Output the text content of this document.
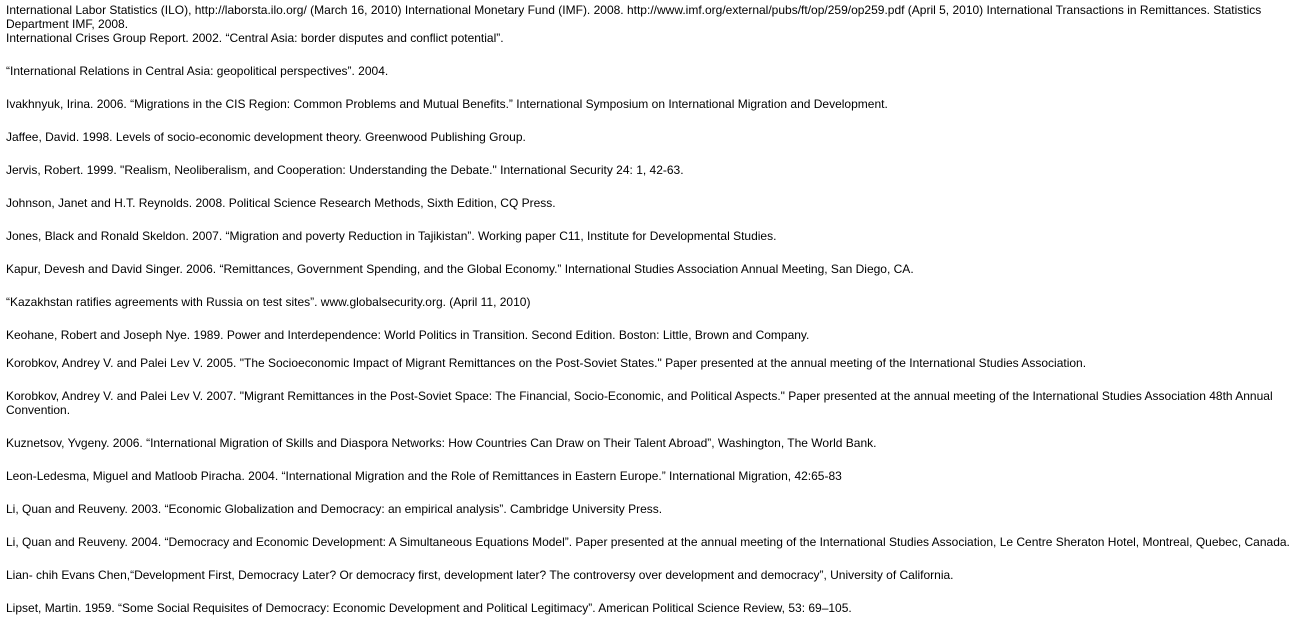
International Labor Statistics (ILO), http://laborsta.ilo.org/ (March 16, 2010) International Monetary Fund (IMF). 2008. http://www.imf.org/external/pubs/ft/op/259/op259.pdf (April 5, 2010) International Transactions in Remittances. Statistics Department IMF, 2008.

International Crises Group Report. 2002. “Central Asia: border disputes and conflict potential”.

“International Relations in Central Asia: geopolitical perspectives”. 2004.

Ivakhnyuk, Irina. 2006. “Migrations in the CIS Region: Common Problems and Mutual Benefits.” International Symposium on International Migration and Development.

Jaffee, David. 1998. Levels of socio-economic development theory. Greenwood Publishing Group.

Jervis, Robert. 1999. "Realism, Neoliberalism, and Cooperation: Understanding the Debate." International Security 24: 1, 42-63.

Johnson, Janet and H.T. Reynolds. 2008. Political Science Research Methods, Sixth Edition, CQ Press.

Jones, Black and Ronald Skeldon. 2007. “Migration and poverty Reduction in Tajikistan”. Working paper C11, Institute for Developmental Studies.

Kapur, Devesh and David Singer. 2006. “Remittances, Government Spending, and the Global Economy.” International Studies Association Annual Meeting, San Diego, CA.

“Kazakhstan ratifies agreements with Russia on test sites”. www.globalsecurity.org. (April 11, 2010)

Keohane, Robert and Joseph Nye. 1989. Power and Interdependence: World Politics in Transition. Second Edition. Boston: Little, Brown and Company.

Korobkov, Andrey V. and Palei Lev V. 2005. "The Socioeconomic Impact of Migrant Remittances on the Post-Soviet States." Paper presented at the annual meeting of the International Studies Association.

Korobkov, Andrey V. and Palei Lev V. 2007. "Migrant Remittances in the Post-Soviet Space: The Financial, Socio-Economic, and Political Aspects." Paper presented at the annual meeting of the International Studies Association 48th Annual Convention.

Kuznetsov, Yvgeny. 2006. “International Migration of Skills and Diaspora Networks: How Countries Can Draw on Their Talent Abroad”, Washington, The World Bank.

Leon-Ledesma, Miguel and Matloob Piracha. 2004. “International Migration and the Role of Remittances in Eastern Europe.” International Migration, 42:65-83

Li, Quan and Reuveny. 2003. “Economic Globalization and Democracy: an empirical analysis”. Cambridge University Press.

Li, Quan and Reuveny. 2004. “Democracy and Economic Development: A Simultaneous Equations Model”. Paper presented at the annual meeting of the International Studies Association, Le Centre Sheraton Hotel, Montreal, Quebec, Canada.

Lian- chih Evans Chen,“Development First, Democracy Later? Or democracy first, development later? The controversy over development and democracy”, University of California.

Lipset, Martin. 1959. “Some Social Requisites of Democracy: Economic Development and Political Legitimacy”. American Political Science Review, 53: 69–105.
